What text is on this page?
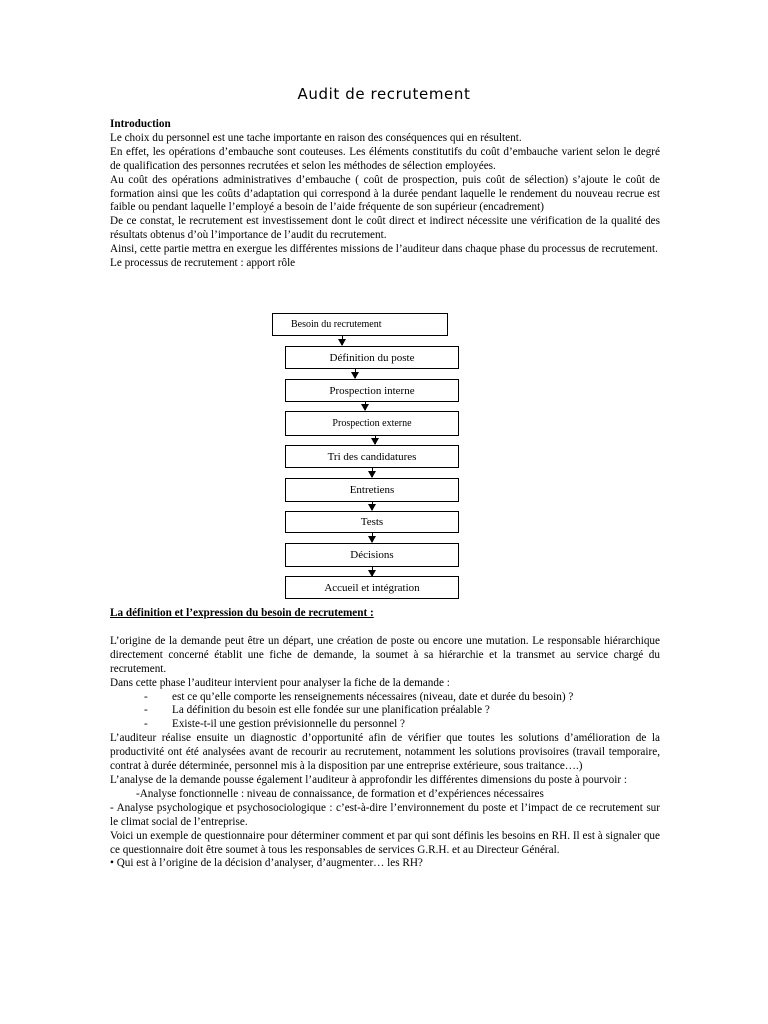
Audit de recrutement

Introduction

Le choix du personnel est une tache importante en raison des conséquences qui en résultent.

En effet, les opérations d’embauche sont couteuses. Les éléments constitutifs du coût d’embauche varient selon le degré de qualification des personnes recrutées et selon les méthodes de sélection employées.

Au coût des opérations administratives d’embauche ( coût de prospection, puis coût de sélection) s’ajoute le coût de formation ainsi que les coûts d’adaptation qui correspond à la durée pendant laquelle le rendement du nouveau recrue est faible ou pendant laquelle l’employé a besoin de l’aide fréquente de son supérieur (encadrement)

De ce constat, le recrutement est investissement dont le coût direct et indirect nécessite une vérification de la qualité des résultats obtenus d’où l’importance de l’audit du recrutement.

Ainsi, cette partie mettra en exergue les différentes missions de l’auditeur dans chaque phase du processus de recrutement.

Le processus de recrutement : apport rôle

Besoin du recrutement
Définition du poste
Prospection interne
Prospection externe
Tri des candidatures
Entretiens
Tests
Décisions
Accueil et intégration

La définition et l’expression du besoin de recrutement :

L’origine de la demande peut être un départ, une création de poste ou encore une mutation. Le responsable hiérarchique directement concerné établit une fiche de demande, la soumet à sa hiérarchie et la transmet au service chargé du recrutement.

Dans cette phase l’auditeur intervient pour analyser la fiche de la demande :

- est ce qu’elle comporte les renseignements nécessaires (niveau, date et durée du besoin) ?
- La définition du besoin est elle fondée sur une planification préalable ?
- Existe-t-il une gestion prévisionnelle du personnel ?

L’auditeur réalise ensuite un diagnostic d’opportunité afin de vérifier que toutes les solutions d’amélioration de la productivité ont été analysées avant de recourir au recrutement, notamment les solutions provisoires (travail temporaire, contrat à durée déterminée, personnel mis à la disposition par une entreprise extérieure, sous traitance….)

L’analyse de la demande pousse également l’auditeur à approfondir les différentes dimensions du poste à pourvoir :

-Analyse fonctionnelle : niveau de connaissance, de formation et d’expériences nécessaires

- Analyse psychologique et psychosociologique : c’est-à-dire l’environnement du poste et l’impact de ce recrutement sur le climat social de l’entreprise.

Voici un exemple de questionnaire pour déterminer comment et par qui sont définis les besoins en RH. Il est à signaler que ce questionnaire doit être soumet à tous les responsables de services G.R.H. et au Directeur Général.

• Qui est à l’origine de la décision d’analyser, d’augmenter… les RH?
